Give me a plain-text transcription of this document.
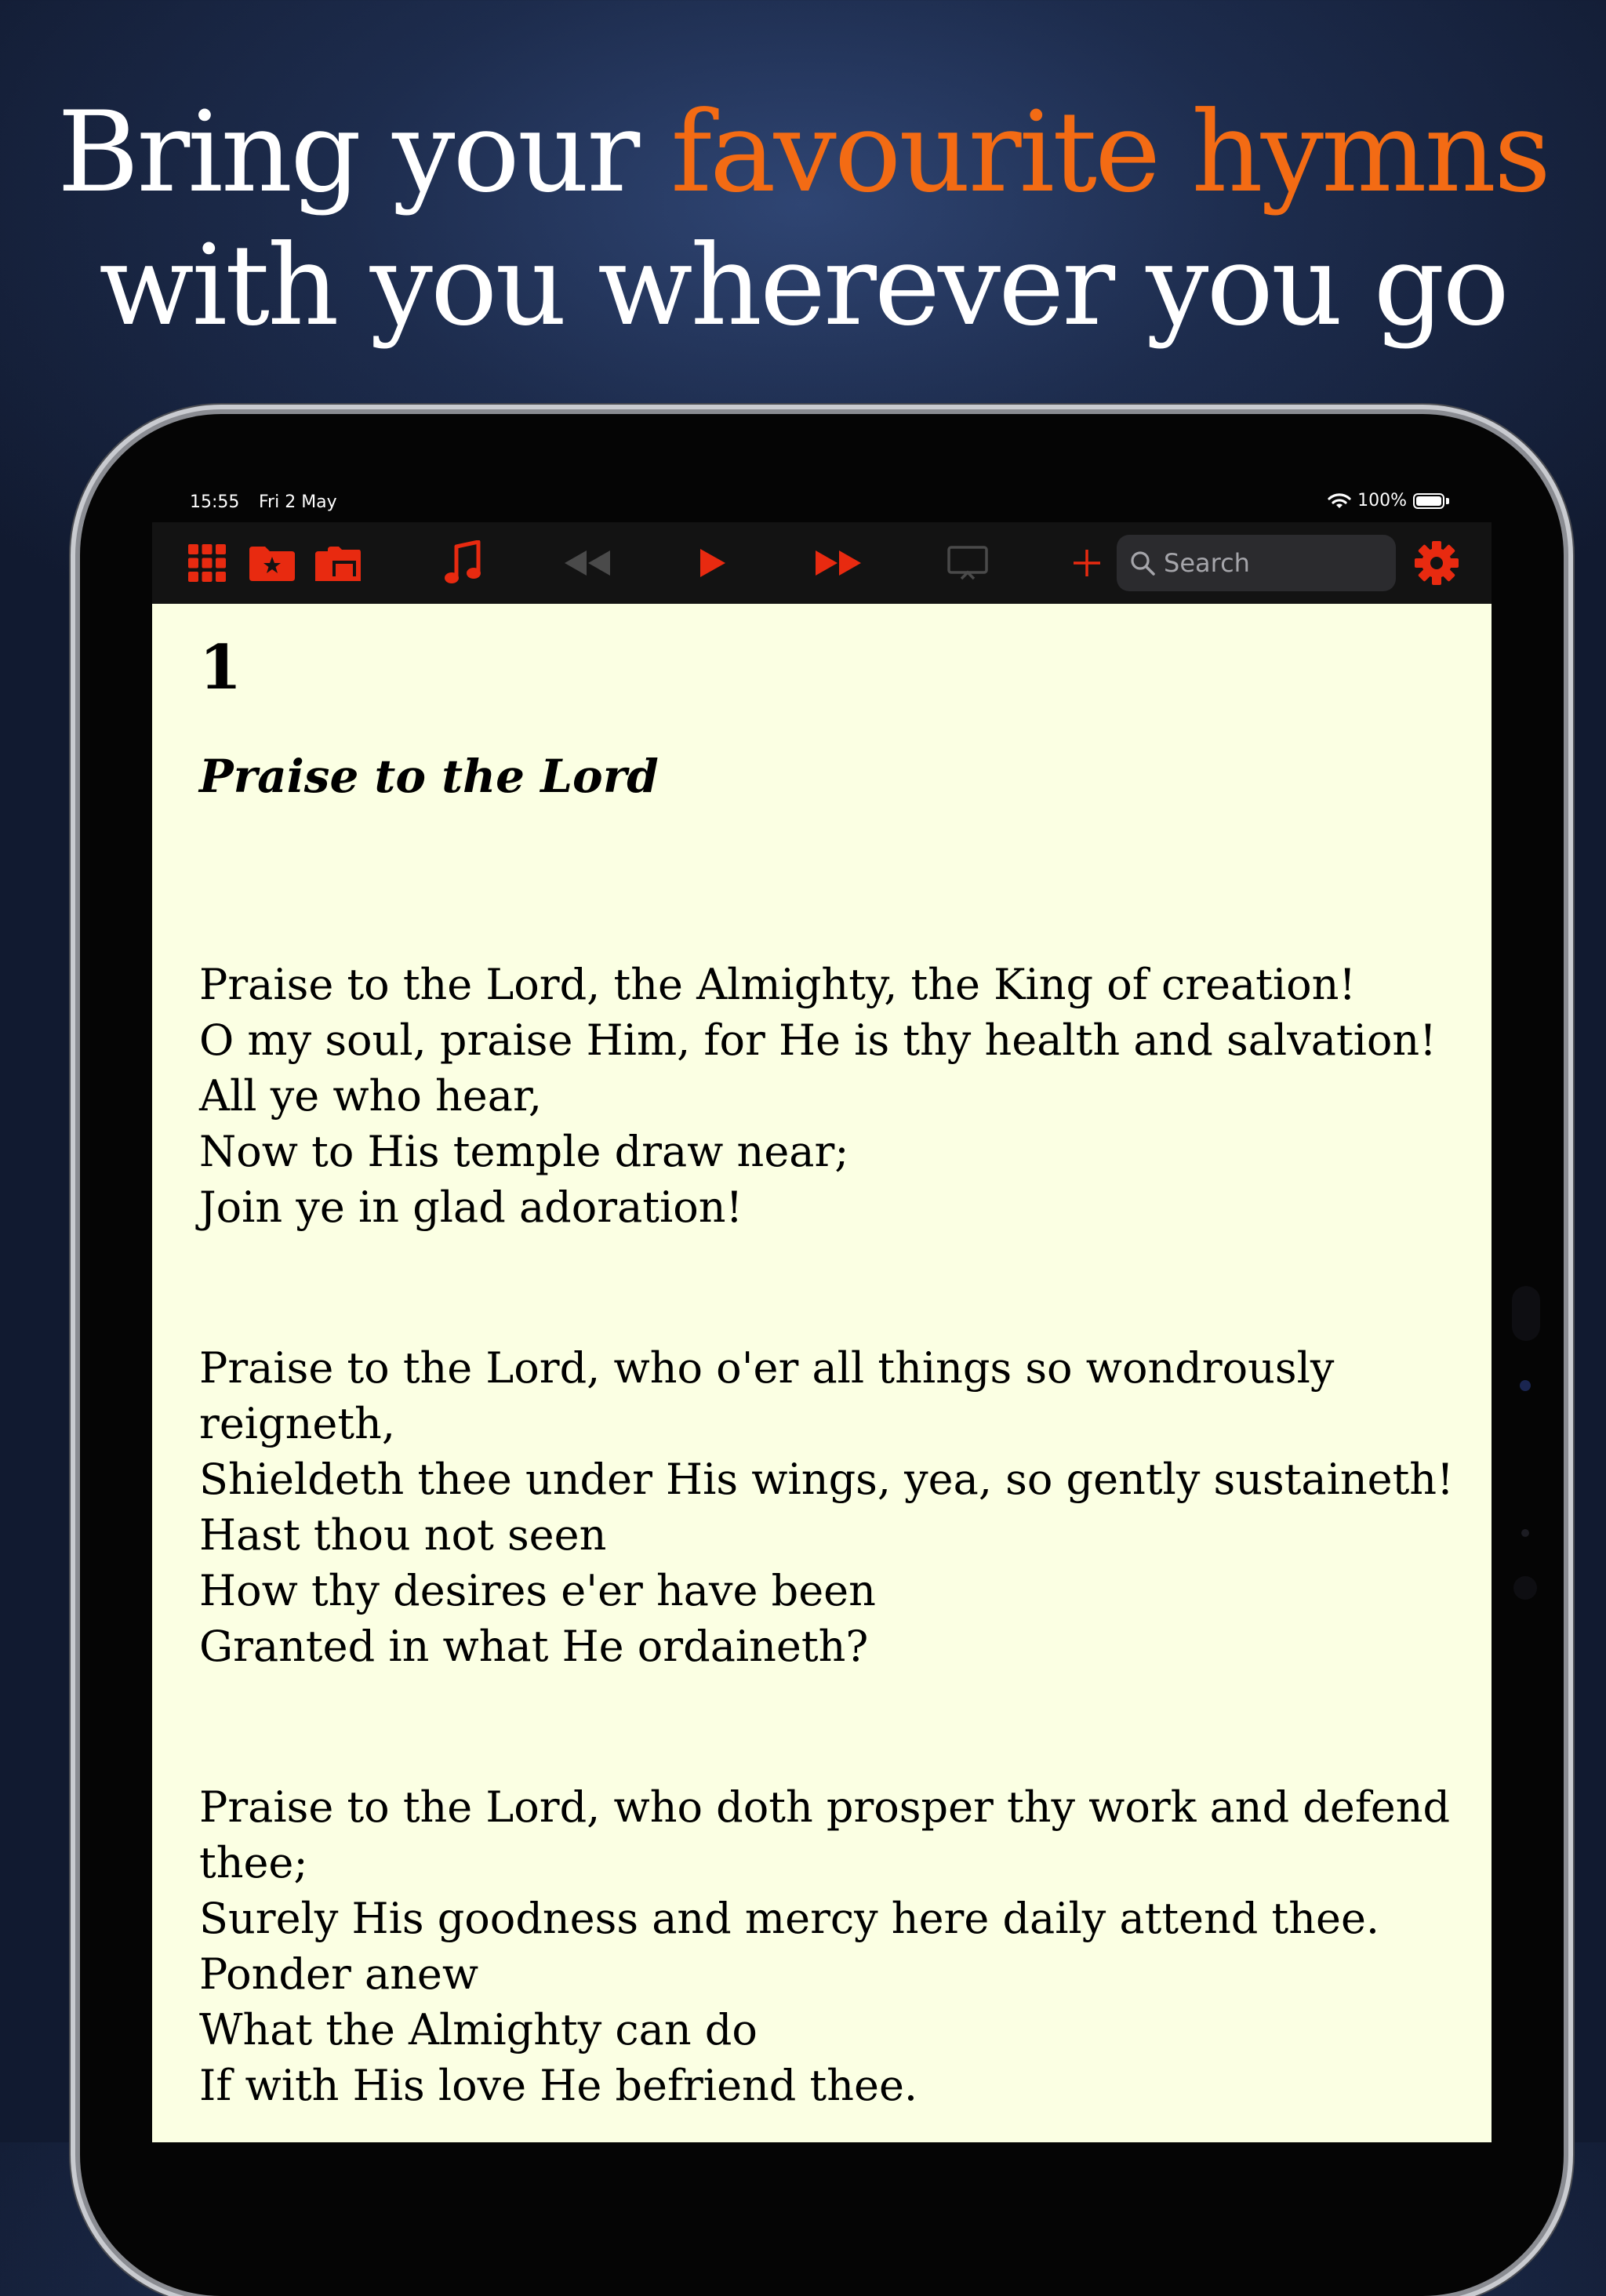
Bring your favourite hymns
with you wherever you go
15:55 Fri 2 May	100%
Search
1
Praise to the Lord
Praise to the Lord, the Almighty, the King of creation!
O my soul, praise Him, for He is thy health and salvation!
All ye who hear,
Now to His temple draw near;
Join ye in glad adoration!
Praise to the Lord, who o'er all things so wondrously
reigneth,
Shieldeth thee under His wings, yea, so gently sustaineth!
Hast thou not seen
How thy desires e'er have been
Granted in what He ordaineth?
Praise to the Lord, who doth prosper thy work and defend
thee;
Surely His goodness and mercy here daily attend thee.
Ponder anew
What the Almighty can do
If with His love He befriend thee.
